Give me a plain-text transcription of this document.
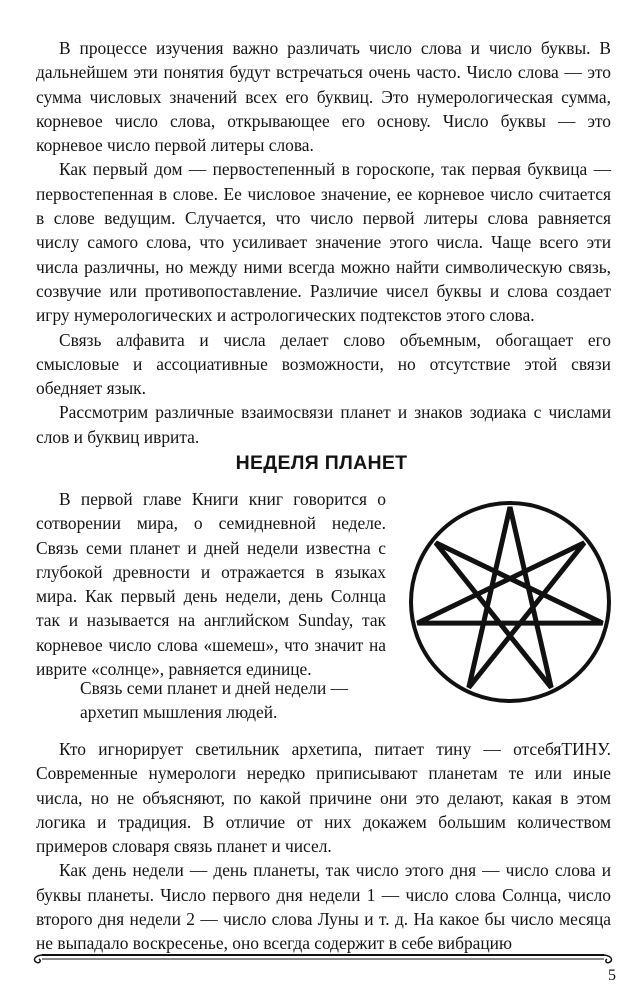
В процессе изучения важно различать число слова и число буквы. В дальнейшем эти понятия будут встречаться очень часто. Число слова — это сумма числовых значений всех его буквиц. Это нумерологическая сумма, корневое число слова, открывающее его основу. Число буквы — это корневое число первой литеры слова.

Как первый дом — первостепенный в гороскопе, так первая буквица — первостепенная в слове. Ее числовое значение, ее корневое число считается в слове ведущим. Случается, что число первой литеры слова равняется числу самого слова, что усиливает значение этого числа. Чаще всего эти числа различны, но между ними всегда можно найти символическую связь, созвучие или противопоставление. Различие чисел буквы и слова создает игру нумерологических и астрологических подтекстов этого слова.

Связь алфавита и числа делает слово объемным, обогащает его смысловые и ассоциативные возможности, но отсутствие этой связи обедняет язык.

Рассмотрим различные взаимосвязи планет и знаков зодиака с числами слов и буквиц иврита.

НЕДЕЛЯ ПЛАНЕТ

В первой главе Книги книг говорится о сотворении мира, о семидневной неделе. Связь семи планет и дней недели известна с глубокой древности и отражается в языках мира. Как первый день недели, день Солнца так и называется на английском Sunday, так корневое число слова «шемеш», что значит на иврите «солнце», равняется единице.

Связь семи планет и дней недели —
архетип мышления людей.

Кто игнорирует светильник архетипа, питает тину — отсебяТИНУ. Современные нумерологи нередко приписывают планетам те или иные числа, но не объясняют, по какой причине они это делают, какая в этом логика и традиция. В отличие от них докажем большим количеством примеров словаря связь планет и чисел.

Как день недели — день планеты, так число этого дня — число слова и буквы планеты. Число первого дня недели 1 — число слова Солнца, число второго дня недели 2 — число слова Луны и т. д. На какое бы число месяца не выпадало воскресенье, оно всегда содержит в себе вибрацию

5
